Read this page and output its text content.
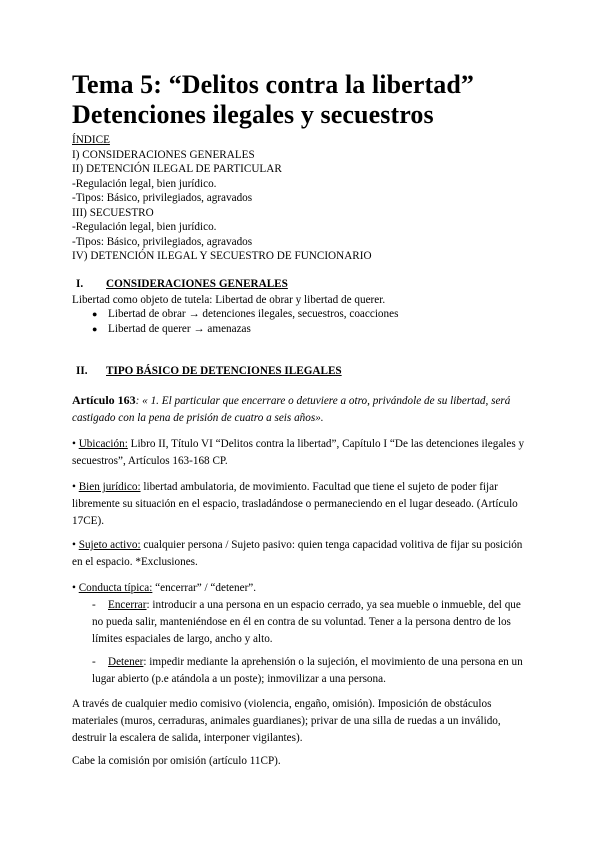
Tema 5: “Delitos contra la libertad”
Detenciones ilegales y secuestros
ÍNDICE
I) CONSIDERACIONES GENERALES
II) DETENCIÓN ILEGAL DE PARTICULAR
-Regulación legal, bien jurídico.
-Tipos: Básico, privilegiados, agravados
III) SECUESTRO
-Regulación legal, bien jurídico.
-Tipos: Básico, privilegiados, agravados
IV) DETENCIÓN ILEGAL Y SECUESTRO DE FUNCIONARIO
I. CONSIDERACIONES GENERALES
Libertad como objeto de tutela: Libertad de obrar y libertad de querer.
● Libertad de obrar → detenciones ilegales, secuestros, coacciones
● Libertad de querer → amenazas
II. TIPO BÁSICO DE DETENCIONES ILEGALES
Artículo 163: « 1. El particular que encerrare o detuviere a otro, privándole de su libertad, será castigado con la pena de prisión de cuatro a seis años».
• Ubicación: Libro II, Título VI “Delitos contra la libertad”, Capítulo I “De las detenciones ilegales y secuestros”, Artículos 163-168 CP.
• Bien jurídico: libertad ambulatoria, de movimiento. Facultad que tiene el sujeto de poder fijar libremente su situación en el espacio, trasladándose o permaneciendo en el lugar deseado. (Artículo 17CE).
• Sujeto activo: cualquier persona / Sujeto pasivo: quien tenga capacidad volitiva de fijar su posición en el espacio. *Exclusiones.
• Conducta típica: “encerrar” / “detener”.
- Encerrar: introducir a una persona en un espacio cerrado, ya sea mueble o inmueble, del que no pueda salir, manteniéndose en él en contra de su voluntad. Tener a la persona dentro de los límites espaciales de largo, ancho y alto.
- Detener: impedir mediante la aprehensión o la sujeción, el movimiento de una persona en un lugar abierto (p.e atándola a un poste); inmovilizar a una persona.
A través de cualquier medio comisivo (violencia, engaño, omisión). Imposición de obstáculos materiales (muros, cerraduras, animales guardianes); privar de una silla de ruedas a un inválido, destruir la escalera de salida, interponer vigilantes).
Cabe la comisión por omisión (artículo 11CP).
